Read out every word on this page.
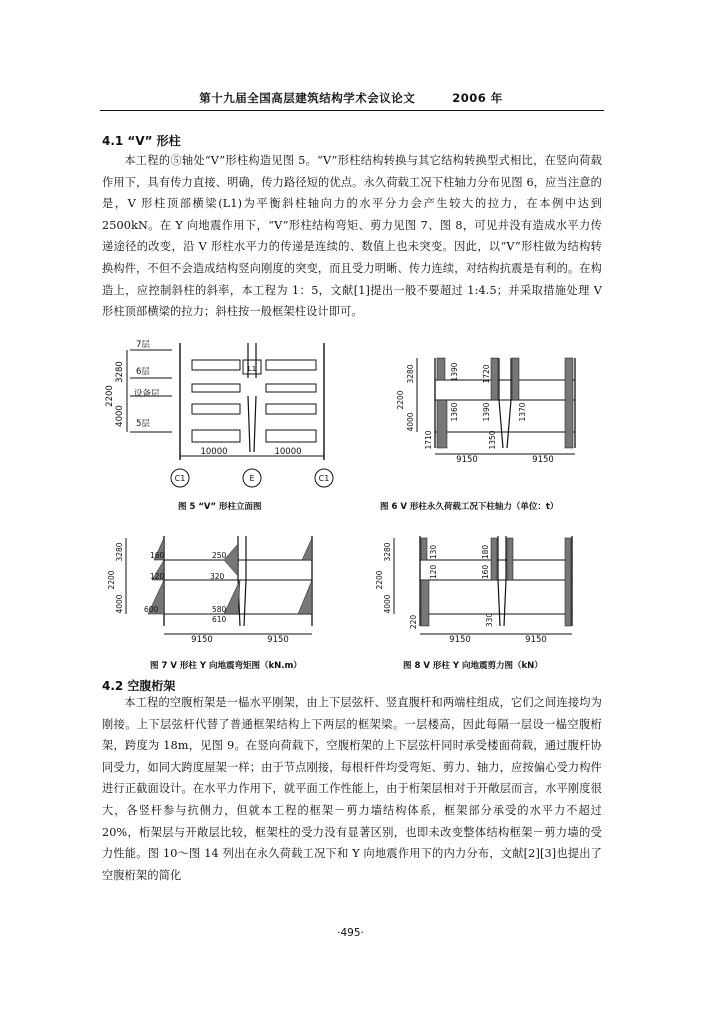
第十九届全国高层建筑结构学术会议论文	2006 年
4.1 “V” 形柱

本工程的⑤轴处“V”形柱构造见图 5。“V”形柱结构转换与其它结构转换型式相比，在竖向荷载作用下，具有传力直接、明确，传力路径短的优点。永久荷载工况下柱轴力分布见图 6，应当注意的是，V 形柱顶部横梁(L1)为平衡斜柱轴向力的水平分力会产生较大的拉力，在本例中达到 2500kN。在 Y 向地震作用下，“V”形柱结构弯矩、剪力见图 7、图 8，可见并没有造成水平力传递途径的改变，沿 V 形柱水平力的传递是连续的、数值上也未突变。因此，以“V”形柱做为结构转换构件，不但不会造成结构竖向刚度的突变，而且受力明晰、传力连续，对结构抗震是有利的。在构造上，应控制斜柱的斜率，本工程为 1：5，文献[1]提出一般不要超过 1:4.5；并采取措施处理 V 形柱顶部横梁的拉力；斜柱按一般框架柱设计即可。

7层
6层
设备层
5层
3280
2200
4000
L1
10000	10000
C1	E	C1
图 5 “V” 形柱立面图
3280
2200
4000
1390	1720
1360	1390	1370
1350
1710
9150	9150
图 6 V 形柱永久荷载工况下柱轴力（单位：t）
3280
2200
4000
160	250
120	320
600	580
610
9150	9150
图 7 V 形柱 Y 向地震弯矩图（kN.m）
3280
2200
4000
130	180
120	160
220	330
9150	9150
图 8 V 形柱 Y 向地震剪力图（kN）
4.2 空腹桁架

本工程的空腹桁架是一榀水平刚架，由上下层弦杆、竖直腹杆和两端柱组成，它们之间连接均为刚接。上下层弦杆代替了普通框架结构上下两层的框架梁。一层楼高，因此每隔一层设一榀空腹桁架，跨度为 18m，见图 9。在竖向荷载下，空腹桁架的上下层弦杆同时承受楼面荷载，通过腹杆协同受力，如同大跨度屋架一样；由于节点刚接，每根杆件均受弯矩、剪力、轴力，应按偏心受力构件进行正截面设计。在水平力作用下，就平面工作性能上，由于桁架层相对于开敞层而言，水平刚度很大，各竖杆参与抗侧力，但就本工程的框架－剪力墙结构体系，框架部分承受的水平力不超过 20%，桁架层与开敞层比较，框架柱的受力没有显著区别，也即未改变整体结构框架－剪力墙的受力性能。图 10～图 14 列出在永久荷载工况下和 Y 向地震作用下的内力分布，文献[2][3]也提出了空腹桁架的简化

·495·
